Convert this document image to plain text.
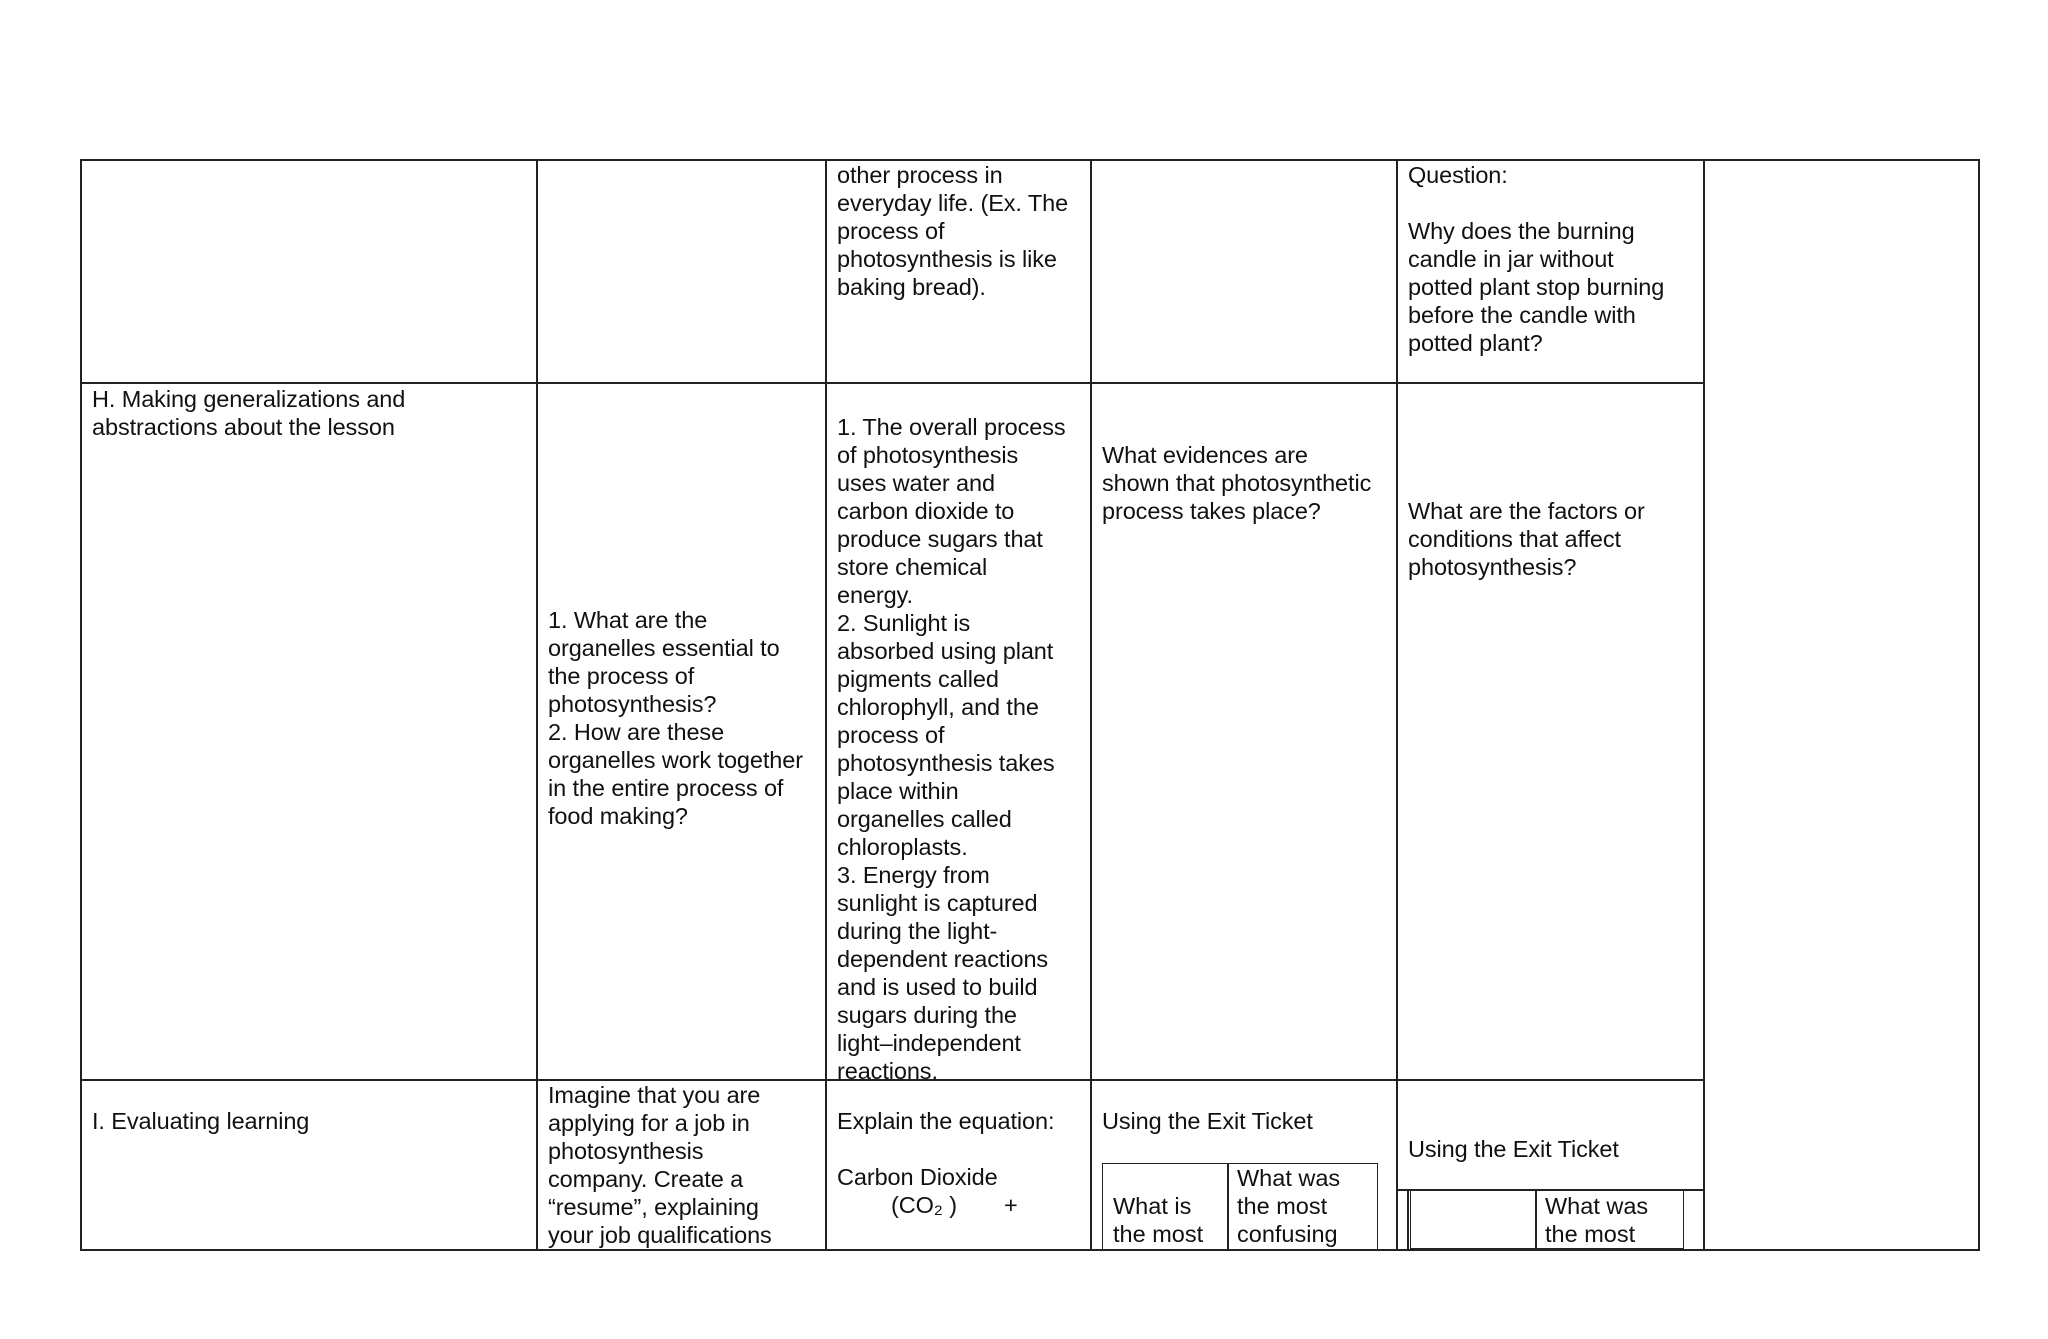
other process in
everyday life. (Ex. The
process of
photosynthesis is like
baking bread).
Question:

Why does the burning
candle in jar without
potted plant stop burning
before the candle with
potted plant?
H. Making generalizations and
abstractions about the lesson
1. What are the
organelles essential to
the process of
photosynthesis?
2. How are these
organelles work together
in the entire process of
food making?
1. The overall process
of photosynthesis
uses water and
carbon dioxide to
produce sugars that
store chemical
energy.
2. Sunlight is
absorbed using plant
pigments called
chlorophyll, and the
process of
photosynthesis takes
place within
organelles called
chloroplasts.
3. Energy from
sunlight is captured
during the light-
dependent reactions
and is used to build
sugars during the
light–independent
reactions.
What evidences are
shown that photosynthetic
process takes place?	What are the factors or
conditions that affect
photosynthesis?
I. Evaluating learning
Imagine that you are
applying for a job in
photosynthesis
company. Create a
“resume”, explaining
your job qualifications
Explain the equation:
Carbon Dioxide
(CO₂ )	+
Using the Exit Ticket
What is
the most
What was
the most
confusing
Using the Exit Ticket
What was
the most
